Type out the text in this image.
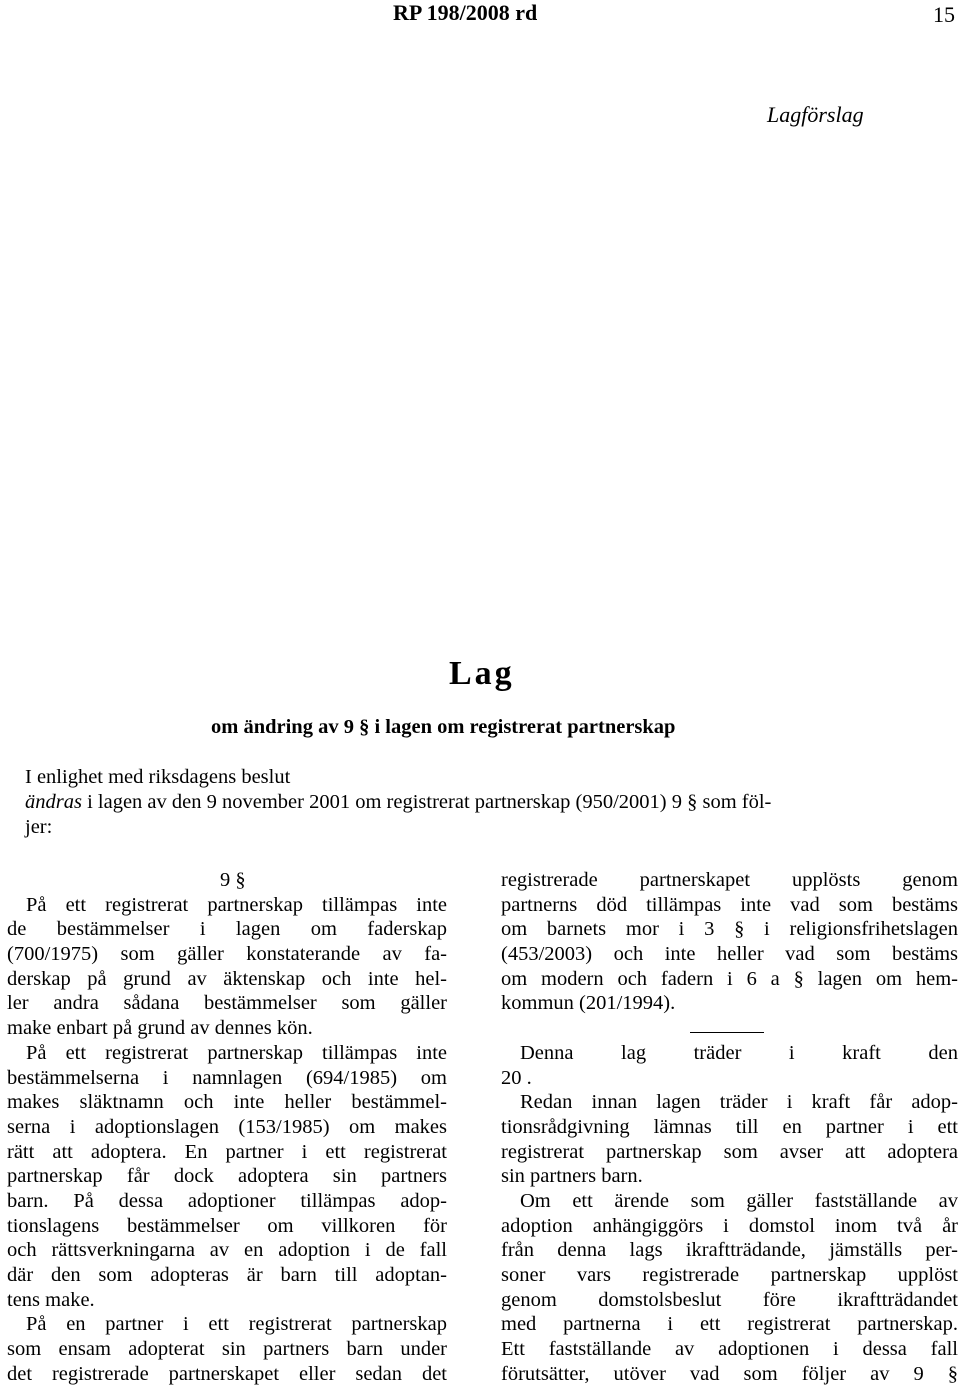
RP 198/2008 rd	15
Lagförslag
Lag
om ändring av 9 § i lagen om registrerat partnerskap
I enlighet med riksdagens beslut
ändras i lagen av den 9 november 2001 om registrerat partnerskap (950/2001) 9 § som föl-
jer:
9 §
På ett registrerat partnerskap tillämpas inte
de bestämmelser i lagen om faderskap
(700/1975) som gäller konstaterande av fa-
derskap på grund av äktenskap och inte hel-
ler andra sådana bestämmelser som gäller
make enbart på grund av dennes kön.
På ett registrerat partnerskap tillämpas inte
bestämmelserna i namnlagen (694/1985) om
makes släktnamn och inte heller bestämmel-
serna i adoptionslagen (153/1985) om makes
rätt att adoptera. En partner i ett registrerat
partnerskap får dock adoptera sin partners
barn. På dessa adoptioner tillämpas adop-
tionslagens bestämmelser om villkoren för
och rättsverkningarna av en adoption i de fall
där den som adopteras är barn till adoptan-
tens make.
På en partner i ett registrerat partnerskap
som ensam adopterat sin partners barn under
det registrerade partnerskapet eller sedan det
registrerade partnerskapet upplösts genom
partnerns död tillämpas inte vad som bestäms
om barnets mor i 3 § i religionsfrihetslagen
(453/2003) och inte heller vad som bestäms
om modern och fadern i 6 a § lagen om hem-
kommun (201/1994).
Denna lag träder i kraft den
20 .
Redan innan lagen träder i kraft får adop-
tionsrådgivning lämnas till en partner i ett
registrerat partnerskap som avser att adoptera
sin partners barn.
Om ett ärende som gäller fastställande av
adoption anhängiggörs i domstol inom två år
från denna lags ikraftträdande, jämställs per-
soner vars registrerade partnerskap upplöst
genom domstolsbeslut före ikraftträdandet
med partnerna i ett registrerat partnerskap.
Ett fastställande av adoptionen i dessa fall
förutsätter, utöver vad som följer av 9 §
